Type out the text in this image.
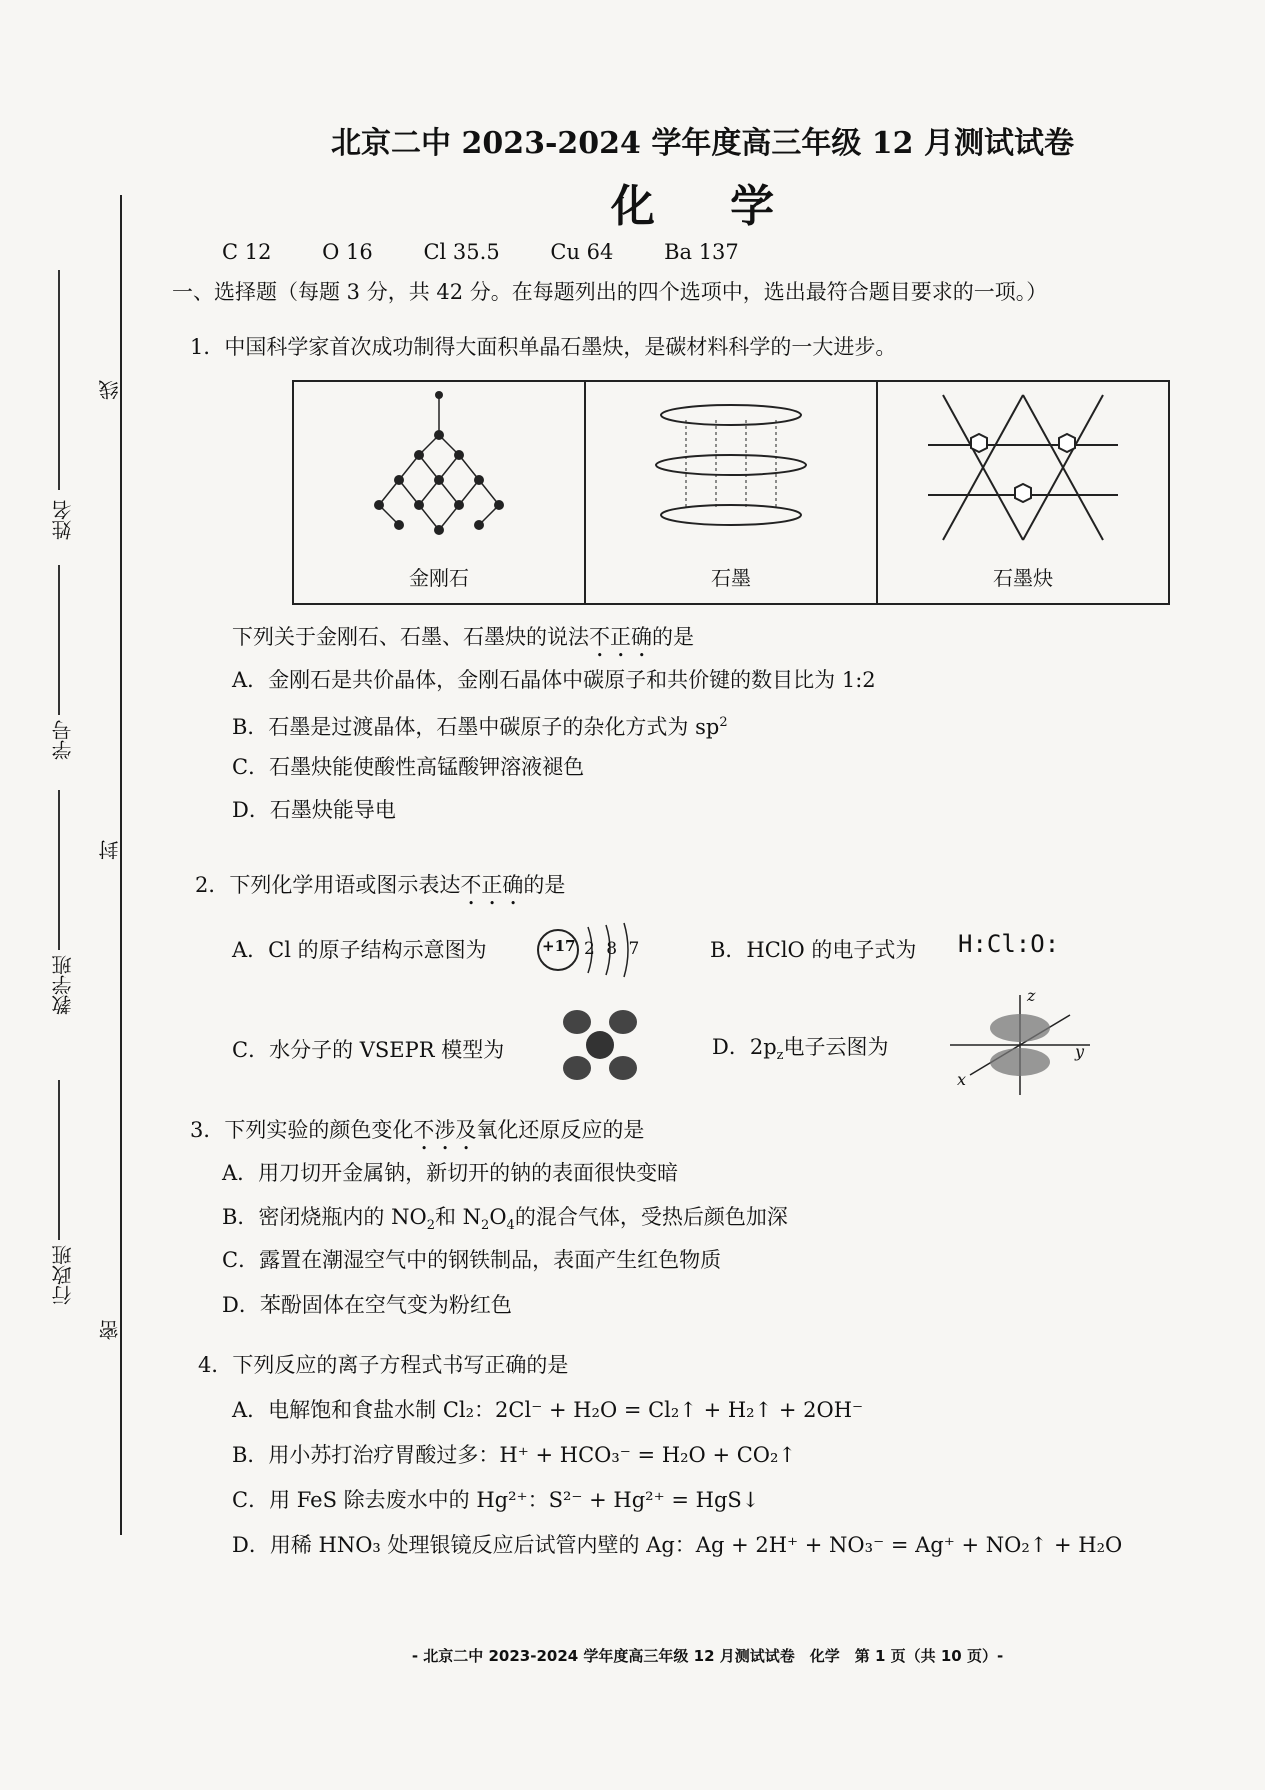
线
封
密
姓名
学号
教学班
行政班
北京二中 2023-2024 学年度高三年级 12 月测试试卷
化 学
C 12 O 16 Cl 35.5 Cu 64 Ba 137
一、选择题（每题 3 分，共 42 分。在每题列出的四个选项中，选出最符合题目要求的一项。）
1．中国科学家首次成功制得大面积单晶石墨炔，是碳材料科学的一大进步。
金刚石	石墨	石墨炔
下列关于金刚石、石墨、石墨炔的说法不正确的是
A．金刚石是共价晶体，金刚石晶体中碳原子和共价键的数目比为 1:2
B．石墨是过渡晶体，石墨中碳原子的杂化方式为 $sp^2$
C．石墨炔能使酸性高锰酸钾溶液褪色
D．石墨炔能导电
2．下列化学用语或图示表达不正确的是
A．Cl 的原子结构示意图为	+17 2 8 7	B．HClO 的电子式为 H:Cl:O:
C．水分子的 VSEPR 模型为	D．$2p_z$电子云图为
z
x
y
3．下列实验的颜色变化不涉及氧化还原反应的是
A．用刀切开金属钠，新切开的钠的表面很快变暗
B．密闭烧瓶内的 $NO_2$和 $N_2O_4$的混合气体，受热后颜色加深
C．露置在潮湿空气中的钢铁制品，表面产生红色物质
D．苯酚固体在空气变为粉红色
4．下列反应的离子方程式书写正确的是
A．电解饱和食盐水制 Cl₂：2Cl⁻ + H₂O = Cl₂↑ + H₂↑ + 2OH⁻
B．用小苏打治疗胃酸过多：H⁺ + HCO₃⁻ = H₂O + CO₂↑
C．用 FeS 除去废水中的 Hg²⁺：S²⁻ + Hg²⁺ = HgS↓
D．用稀 HNO₃ 处理银镜反应后试管内壁的 Ag：Ag + 2H⁺ + NO₃⁻ = Ag⁺ + NO₂↑ + H₂O
- 北京二中 2023-2024 学年度高三年级 12 月测试试卷　化学　第 1 页（共 10 页）-
